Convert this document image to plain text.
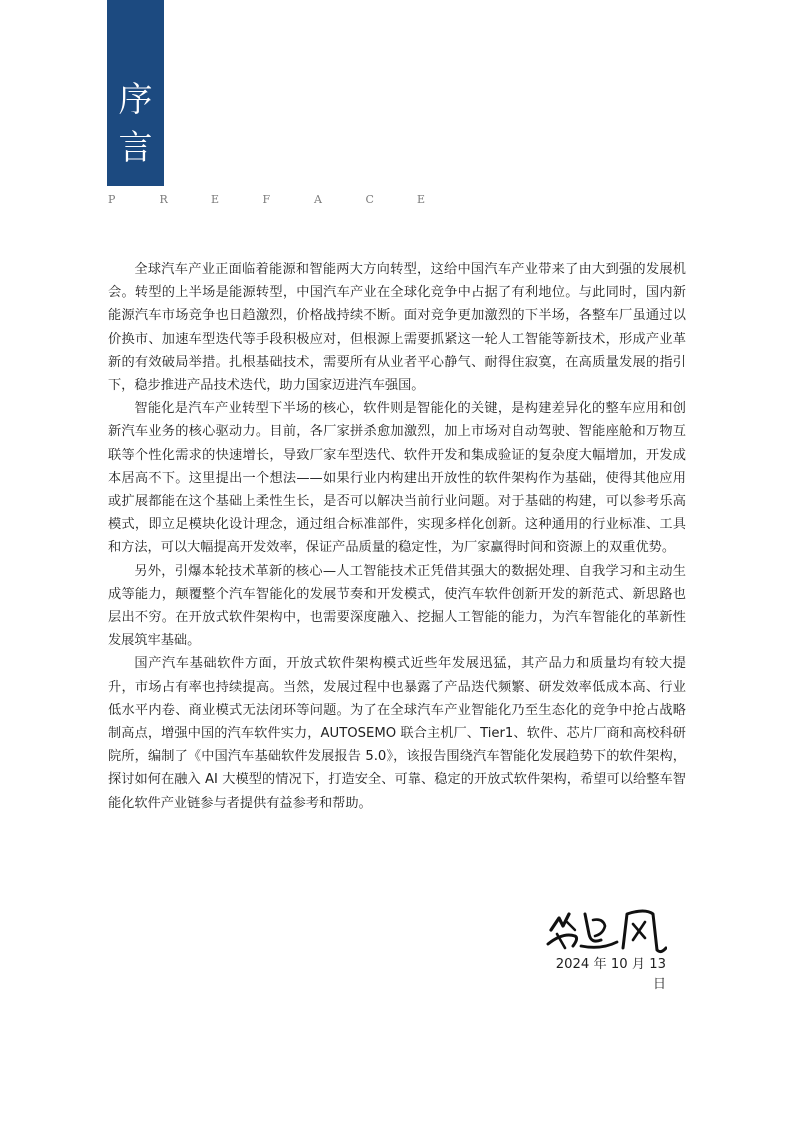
序
言
P	R	E	F	A	C	E

全球汽车产业正面临着能源和智能两大方向转型，这给中国汽车产业带来了由大到强的发展机会。转型的上半场是能源转型，中国汽车产业在全球化竞争中占据了有利地位。与此同时，国内新能源汽车市场竞争也日趋激烈，价格战持续不断。面对竞争更加激烈的下半场，各整车厂虽通过以价换市、加速车型迭代等手段积极应对，但根源上需要抓紧这一轮人工智能等新技术，形成产业革新的有效破局举措。扎根基础技术，需要所有从业者平心静气、耐得住寂寞，在高质量发展的指引下，稳步推进产品技术迭代，助力国家迈进汽车强国。

智能化是汽车产业转型下半场的核心，软件则是智能化的关键，是构建差异化的整车应用和创新汽车业务的核心驱动力。目前，各厂家拼杀愈加激烈，加上市场对自动驾驶、智能座舱和万物互联等个性化需求的快速增长，导致厂家车型迭代、软件开发和集成验证的复杂度大幅增加，开发成本居高不下。这里提出一个想法——如果行业内构建出开放性的软件架构作为基础，使得其他应用或扩展都能在这个基础上柔性生长，是否可以解决当前行业问题。对于基础的构建，可以参考乐高模式，即立足模块化设计理念，通过组合标准部件，实现多样化创新。这种通用的行业标准、工具和方法，可以大幅提高开发效率，保证产品质量的稳定性，为厂家赢得时间和资源上的双重优势。

另外，引爆本轮技术革新的核心—人工智能技术正凭借其强大的数据处理、自我学习和主动生成等能力，颠覆整个汽车智能化的发展节奏和开发模式，使汽车软件创新开发的新范式、新思路也层出不穷。在开放式软件架构中，也需要深度融入、挖掘人工智能的能力，为汽车智能化的革新性发展筑牢基础。

国产汽车基础软件方面，开放式软件架构模式近些年发展迅猛，其产品力和质量均有较大提升，市场占有率也持续提高。当然，发展过程中也暴露了产品迭代频繁、研发效率低成本高、行业低水平内卷、商业模式无法闭环等问题。为了在全球汽车产业智能化乃至生态化的竞争中抢占战略制高点，增强中国的汽车软件实力，AUTOSEMO 联合主机厂、Tier1、软件、芯片厂商和高校科研院所，编制了《中国汽车基础软件发展报告 5.0》，该报告围绕汽车智能化发展趋势下的软件架构，探讨如何在融入 AI 大模型的情况下，打造安全、可靠、稳定的开放式软件架构，希望可以给整车智能化软件产业链参与者提供有益参考和帮助。

2024 年 10 月 13 日
